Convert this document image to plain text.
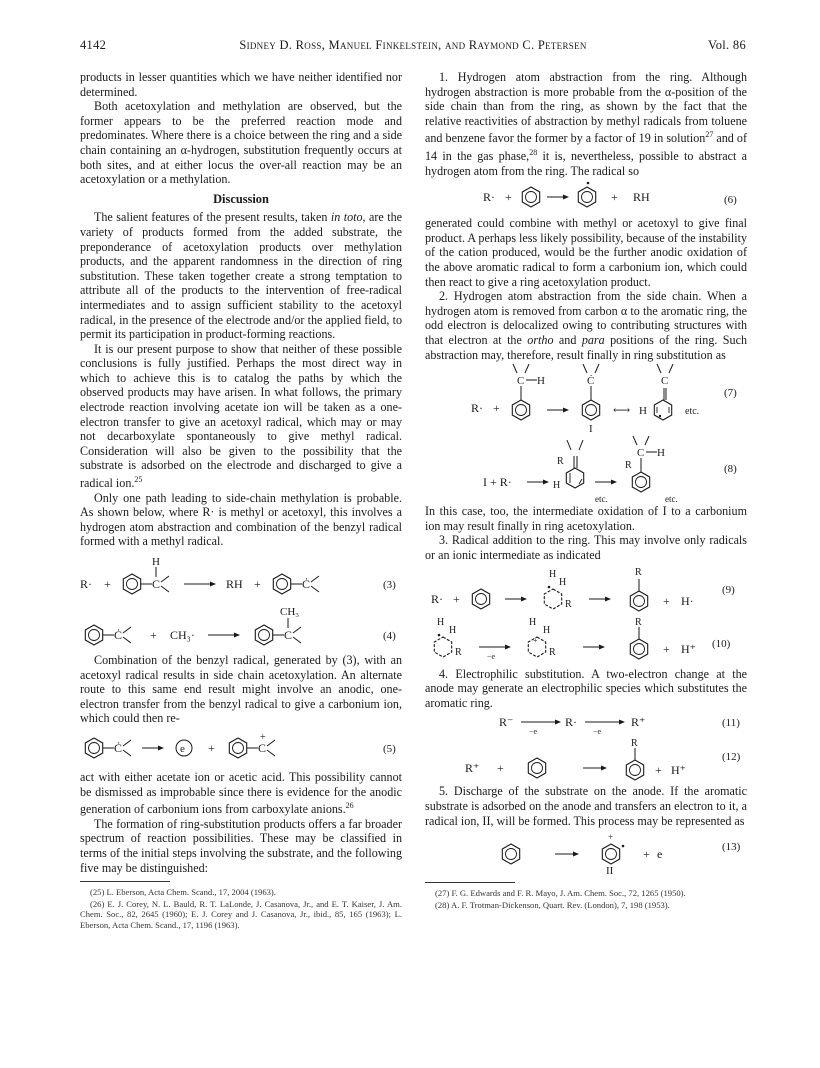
4142	Sidney D. Ross, Manuel Finkelstein, and Raymond C. Petersen	Vol. 86

products in lesser quantities which we have neither identified nor determined.

Both acetoxylation and methylation are observed, but the former appears to be the preferred reaction mode and predominates. Where there is a choice between the ring and a side chain containing an α-hydrogen, substitution frequently occurs at both sites, and at either locus the over-all reaction may be an acetoxylation or a methylation.

Discussion

The salient features of the present results, taken in toto, are the variety of products formed from the added substrate, the preponderance of acetoxylation products over methylation products, and the apparent randomness in the direction of ring substitution. These taken together create a strong temptation to attribute all of the products to the intervention of free-radical intermediates and to assign sufficient stability to the acetoxyl radical, in the presence of the electrode and/or the applied field, to permit its participation in product-forming reactions.

It is our present purpose to show that neither of these possible conclusions is fully justified. Perhaps the most direct way in which to achieve this is to catalog the paths by which the observed products may have arisen. In what follows, the primary electrode reaction involving acetate ion will be taken as a one-electron transfer to give an acetoxyl radical, which may or may not decarboxylate spontaneously to give methyl radical. Consideration will also be given to the possibility that the substrate is adsorbed on the electrode and discharged to give a radical ion.$^{25}$

Only one path leading to side-chain methylation is probable. As shown below, where R· is methyl or acetoxyl, this involves a hydrogen atom abstraction and combination of the benzyl radical formed with a methyl radical.

R· +	C
H
RH +	Ċ	(3)
Ċ + CH₃·	C
CH₃
(4)

Combination of the benzyl radical, generated by (3), with an acetoxyl radical results in side chain acetoxylation. An alternate route to this same end result might involve an anodic, one-electron transfer from the benzyl radical to give a carbonium ion, which could then re-

Ċ	e +	C
+
(5)

act with either acetate ion or acetic acid. This possibility cannot be dismissed as improbable since there is evidence for the anodic generation of carbonium ions from carboxylate anions.$^{26}$

The formation of ring-substitution products offers a far broader spectrum of reaction possibilities. These may be classified in terms of the initial steps involving the substrate, and the following five may be distinguished:

(25) L. Eberson, Acta Chem. Scand., 17, 2004 (1963).

(26) E. J. Corey, N. L. Bauld, R. T. LaLonde, J. Casanova, Jr., and E. T. Kaiser, J. Am. Chem. Soc., 82, 2645 (1960); E. J. Corey and J. Casanova, Jr., ibid., 85, 165 (1963); L. Eberson, Acta Chem. Scand., 17, 1196 (1963).

1. Hydrogen atom abstraction from the ring. Although hydrogen abstraction is more probable from the α-position of the side chain than from the ring, as shown by the fact that the relative reactivities of abstraction by methyl radicals from toluene and benzene favor the former by a factor of 19 in solution$^{27}$ and of 14 in the gas phase,$^{28}$ it is, nevertheless, possible to abstract a hydrogen atom from the ring. The radical so

R· +	+ RH	(6)

generated could combine with methyl or acetoxyl to give final product. A perhaps less likely possibility, because of the instability of the cation produced, would be the further anodic oxidation of the above aromatic radical to form a carbonium ion, which could then react to give a ring acetoxylation product.

2. Hydrogen atom abstraction from the side chain. When a hydrogen atom is removed from carbon α to the aromatic ring, the odd electron is delocalized owing to contributing structures with that electron at the ortho and para positions of the ring. Such abstraction may, therefore, result finally in ring substitution as

R· +
C H	Ċ
⟷ H
C
etc.
(7)
I
I + R·	H
R	R
C H
etc.	etc.
(8)

In this case, too, the intermediate oxidation of I to a carbonium ion may result finally in ring acetoxylation.

3. Radical addition to the ring. This may involve only radicals or an ionic intermediate as indicated

R· +
H
H
R
R
+ H·
(9)
H
H
R	−e
+
H
H
R
R
+ H⁺ (10)

4. Electrophilic substitution. A two-electron change at the anode may generate an electrophilic species which substitutes the aromatic ring.

R⁻
−e
R·
−e
R⁺	(11)
R⁺ +
R
+ H⁺
(12)

5. Discharge of the substrate on the anode. If the aromatic substrate is adsorbed on the anode and transfers an electron to it, a radical ion, II, will be formed. This process may be represented as

+
+ e
II
(13)

(27) F. G. Edwards and F. R. Mayo, J. Am. Chem. Soc., 72, 1265 (1950).

(28) A. F. Trotman-Dickenson, Quart. Rev. (London), 7, 198 (1953).
